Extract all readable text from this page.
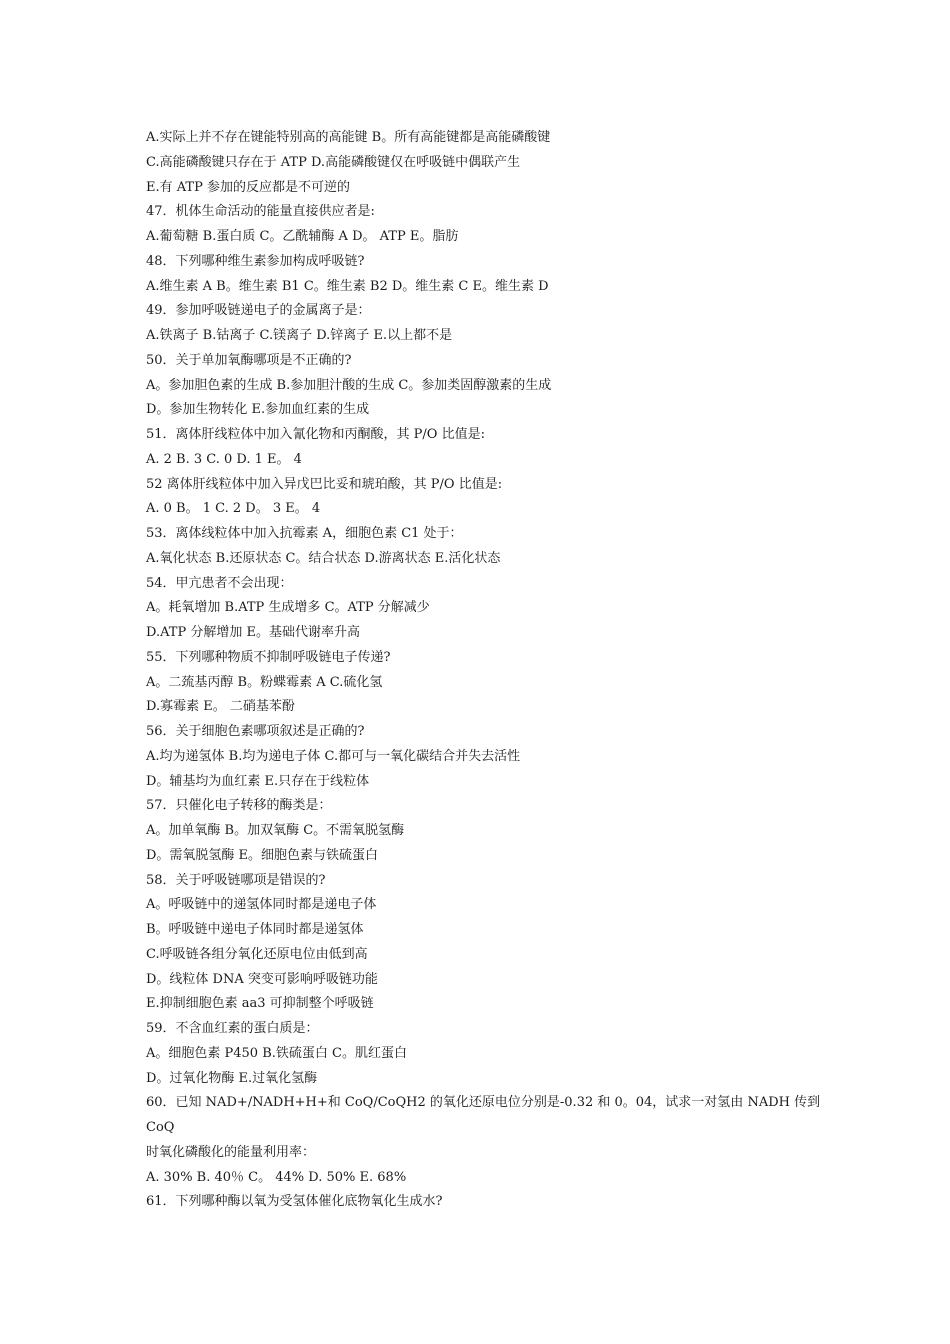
A.实际上并不存在键能特别高的高能键 B。所有高能键都是高能磷酸键
C.高能磷酸键只存在于 ATP D.高能磷酸键仅在呼吸链中偶联产生
E.有 ATP 参加的反应都是不可逆的
47．机体生命活动的能量直接供应者是:
A.葡萄糖 B.蛋白质 C。乙酰辅酶 A D。 ATP E。脂肪
48．下列哪种维生素参加构成呼吸链?
A.维生素 A B。维生素 B1 C。维生素 B2 D。维生素 C E。维生素 D
49．参加呼吸链递电子的金属离子是：
A.铁离子 B.钴离子 C.镁离子 D.锌离子 E.以上都不是
50．关于单加氧酶哪项是不正确的?
A。参加胆色素的生成 B.参加胆汁酸的生成 C。参加类固醇激素的生成
D。参加生物转化 E.参加血红素的生成
51．离体肝线粒体中加入氰化物和丙酮酸，其 P/O 比值是:
A. 2 B. 3 C. 0 D. 1 E。 4
52 离体肝线粒体中加入异戊巴比妥和琥珀酸，其 P/O 比值是:
A. 0 B。 1 C. 2 D。 3 E。 4
53．离体线粒体中加入抗霉素 A，细胞色素 C1 处于：
A.氧化状态 B.还原状态 C。结合状态 D.游离状态 E.活化状态
54．甲亢患者不会出现：
A。耗氧增加 B.ATP 生成增多 C。ATP 分解减少
D.ATP 分解增加 E。基础代谢率升高
55．下列哪种物质不抑制呼吸链电子传递?
A。二巯基丙醇 B。粉蝶霉素 A C.硫化氢
D.寡霉素 E。 二硝基苯酚
56．关于细胞色素哪项叙述是正确的?
A.均为递氢体 B.均为递电子体 C.都可与一氧化碳结合并失去活性
D。辅基均为血红素 E.只存在于线粒体
57．只催化电子转移的酶类是：
A。加单氧酶 B。加双氧酶 C。不需氧脱氢酶
D。需氧脱氢酶 E。细胞色素与铁硫蛋白
58．关于呼吸链哪项是错误的?
A。呼吸链中的递氢体同时都是递电子体
B。呼吸链中递电子体同时都是递氢体
C.呼吸链各组分氧化还原电位由低到高
D。线粒体 DNA 突变可影响呼吸链功能
E.抑制细胞色素 aa3 可抑制整个呼吸链
59．不含血红素的蛋白质是：
A。细胞色素 P450 B.铁硫蛋白 C。肌红蛋白
D。过氧化物酶 E.过氧化氢酶
60．已知 NAD+/NADH+H+和 CoQ/CoQH2 的氧化还原电位分别是-0.32 和 0。04，试求一对氢由 NADH 传到
CoQ
时氧化磷酸化的能量利用率：
A. 30% B. 40％ C。 44% D. 50% E. 68%
61．下列哪种酶以氧为受氢体催化底物氧化生成水?
